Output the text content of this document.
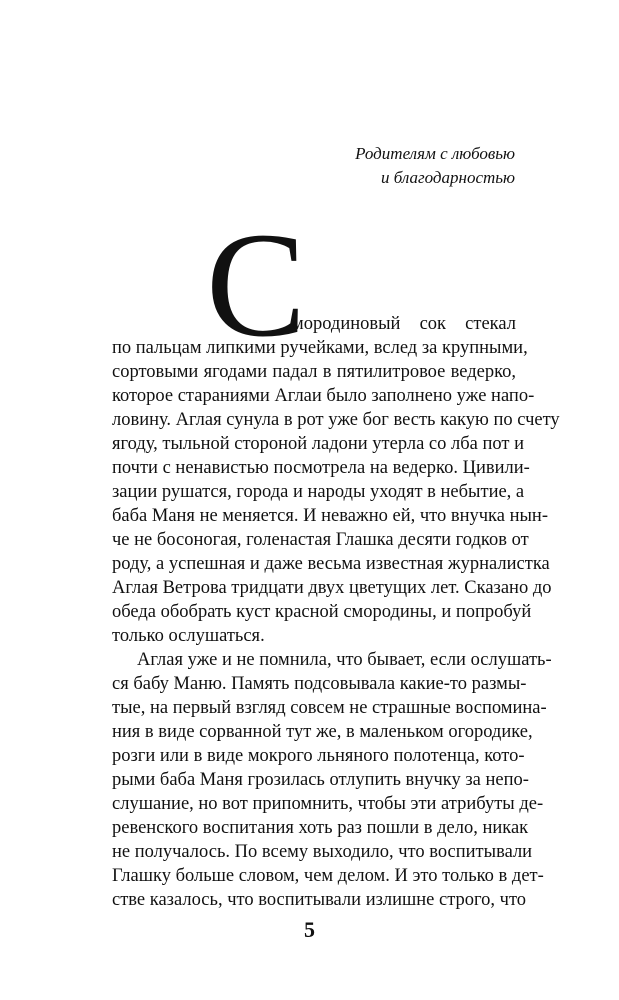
Родителям с любовью
и благодарностью
С
мородиновый сок стекал
по пальцам липкими ручейками, вслед за крупными,
сортовыми ягодами падал в пятилитровое ведерко,
которое стараниями Аглаи было заполнено уже напо-
ловину. Аглая сунула в рот уже бог весть какую по счету
ягоду, тыльной стороной ладони утерла со лба пот и
почти с ненавистью посмотрела на ведерко. Цивили-
зации рушатся, города и народы уходят в небытие, а
баба Маня не меняется. И неважно ей, что внучка нын-
че не босоногая, голенастая Глашка десяти годков от
роду, а успешная и даже весьма известная журналистка
Аглая Ветрова тридцати двух цветущих лет. Сказано до
обеда обобрать куст красной смородины, и попробуй
только ослушаться.
Аглая уже и не помнила, что бывает, если ослушать-
ся бабу Маню. Память подсовывала какие-то размы-
тые, на первый взгляд совсем не страшные воспомина-
ния в виде сорванной тут же, в маленьком огородике,
розги или в виде мокрого льняного полотенца, кото-
рыми баба Маня грозилась отлупить внучку за непо-
слушание, но вот припомнить, чтобы эти атрибуты де-
ревенского воспитания хоть раз пошли в дело, никак
не получалось. По всему выходило, что воспитывали
Глашку больше словом, чем делом. И это только в дет-
стве казалось, что воспитывали излишне строго, что
5
